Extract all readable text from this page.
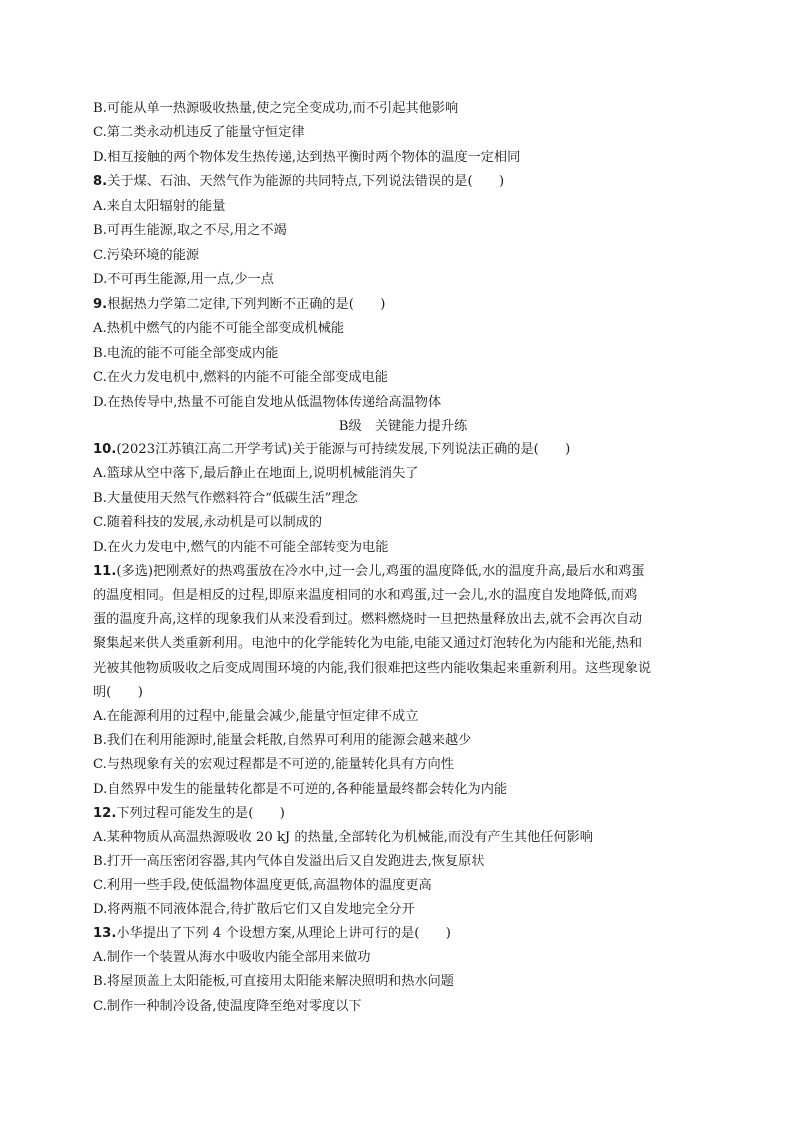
B.可能从单一热源吸收热量,使之完全变成功,而不引起其他影响
C.第二类永动机违反了能量守恒定律
D.相互接触的两个物体发生热传递,达到热平衡时两个物体的温度一定相同
8.关于煤、石油、天然气作为能源的共同特点,下列说法错误的是(　　)
A.来自太阳辐射的能量
B.可再生能源,取之不尽,用之不竭
C.污染环境的能源
D.不可再生能源,用一点,少一点
9.根据热力学第二定律,下列判断不正确的是(　　)
A.热机中燃气的内能不可能全部变成机械能
B.电流的能不可能全部变成内能
C.在火力发电机中,燃料的内能不可能全部变成电能
D.在热传导中,热量不可能自发地从低温物体传递给高温物体
B级　关键能力提升练
10.(2023江苏镇江高二开学考试)关于能源与可持续发展,下列说法正确的是(　　)
A.篮球从空中落下,最后静止在地面上,说明机械能消失了
B.大量使用天然气作燃料符合“低碳生活”理念
C.随着科技的发展,永动机是可以制成的
D.在火力发电中,燃气的内能不可能全部转变为电能
11.(多选)把刚煮好的热鸡蛋放在冷水中,过一会儿,鸡蛋的温度降低,水的温度升高,最后水和鸡蛋
的温度相同。但是相反的过程,即原来温度相同的水和鸡蛋,过一会儿,水的温度自发地降低,而鸡
蛋的温度升高,这样的现象我们从来没看到过。燃料燃烧时一旦把热量释放出去,就不会再次自动
聚集起来供人类重新利用。电池中的化学能转化为电能,电能又通过灯泡转化为内能和光能,热和
光被其他物质吸收之后变成周围环境的内能,我们很难把这些内能收集起来重新利用。这些现象说
明(　　)
A.在能源利用的过程中,能量会减少,能量守恒定律不成立
B.我们在利用能源时,能量会耗散,自然界可利用的能源会越来越少
C.与热现象有关的宏观过程都是不可逆的,能量转化具有方向性
D.自然界中发生的能量转化都是不可逆的,各种能量最终都会转化为内能
12.下列过程可能发生的是(　　)
A.某种物质从高温热源吸收 20 kJ 的热量,全部转化为机械能,而没有产生其他任何影响
B.打开一高压密闭容器,其内气体自发溢出后又自发跑进去,恢复原状
C.利用一些手段,使低温物体温度更低,高温物体的温度更高
D.将两瓶不同液体混合,待扩散后它们又自发地完全分开
13.小华提出了下列 4 个设想方案,从理论上讲可行的是(　　)
A.制作一个装置从海水中吸收内能全部用来做功
B.将屋顶盖上太阳能板,可直接用太阳能来解决照明和热水问题
C.制作一种制冷设备,使温度降至绝对零度以下
